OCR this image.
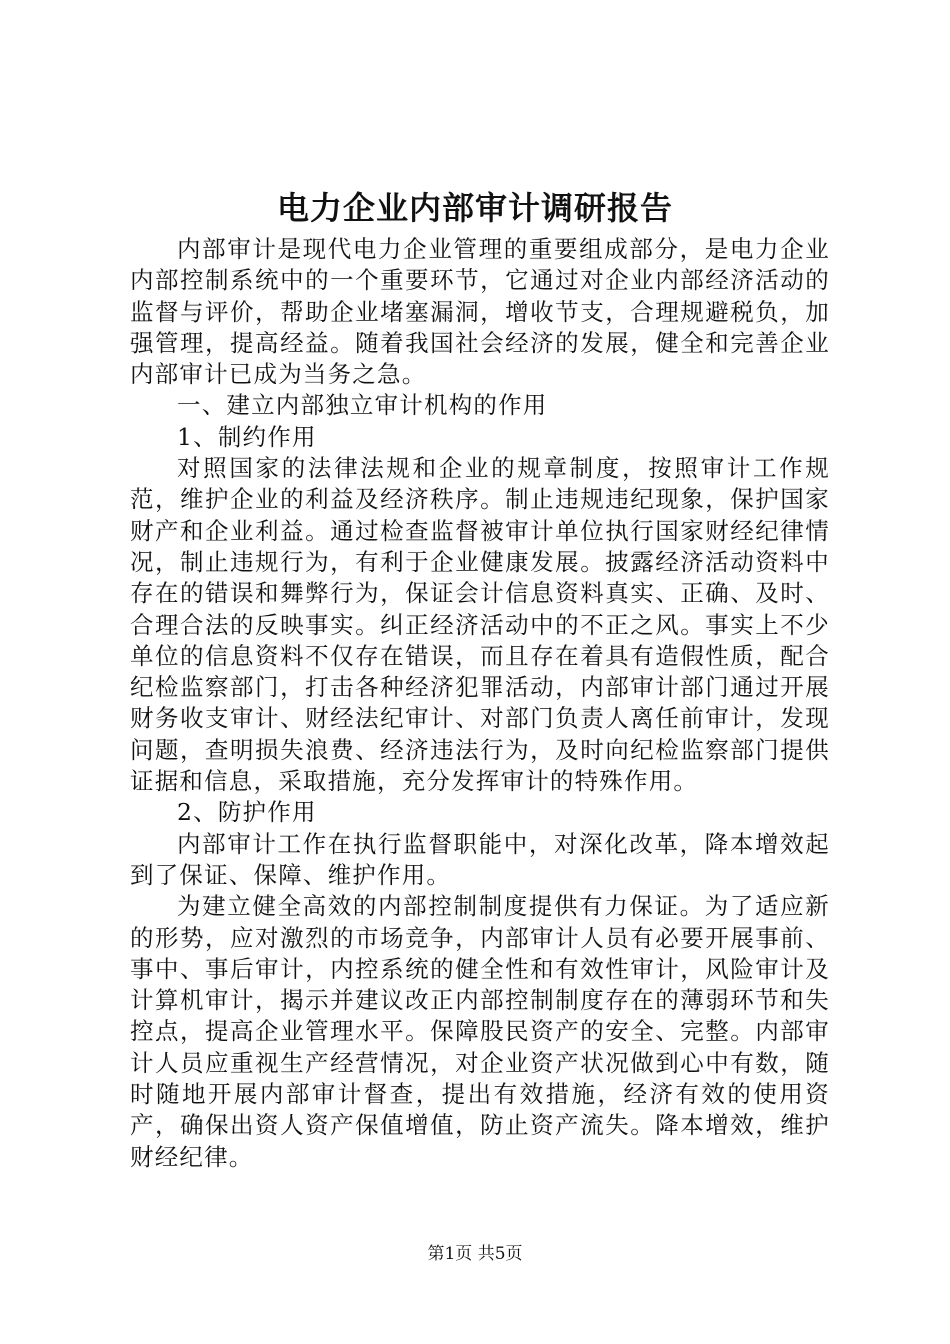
电力企业内部审计调研报告

内部审计是现代电力企业管理的重要组成部分，是电力企业内部控制系统中的一个重要环节，它通过对企业内部经济活动的监督与评价，帮助企业堵塞漏洞，增收节支，合理规避税负，加强管理，提高经益。随着我国社会经济的发展，健全和完善企业内部审计已成为当务之急。

一、建立内部独立审计机构的作用

1、制约作用

对照国家的法律法规和企业的规章制度，按照审计工作规范，维护企业的利益及经济秩序。制止违规违纪现象，保护国家财产和企业利益。通过检查监督被审计单位执行国家财经纪律情况，制止违规行为，有利于企业健康发展。披露经济活动资料中存在的错误和舞弊行为，保证会计信息资料真实、正确、及时、合理合法的反映事实。纠正经济活动中的不正之风。事实上不少单位的信息资料不仅存在错误，而且存在着具有造假性质，配合纪检监察部门，打击各种经济犯罪活动，内部审计部门通过开展财务收支审计、财经法纪审计、对部门负责人离任前审计，发现问题，查明损失浪费、经济违法行为，及时向纪检监察部门提供证据和信息，采取措施，充分发挥审计的特殊作用。

2、防护作用

内部审计工作在执行监督职能中，对深化改革，降本增效起到了保证、保障、维护作用。

为建立健全高效的内部控制制度提供有力保证。为了适应新的形势，应对激烈的市场竞争，内部审计人员有必要开展事前、事中、事后审计，内控系统的健全性和有效性审计，风险审计及计算机审计，揭示并建议改正内部控制制度存在的薄弱环节和失控点，提高企业管理水平。保障股民资产的安全、完整。内部审计人员应重视生产经营情况，对企业资产状况做到心中有数，随时随地开展内部审计督查，提出有效措施，经济有效的使用资产，确保出资人资产保值增值，防止资产流失。降本增效，维护财经纪律。

第1页 共5页
